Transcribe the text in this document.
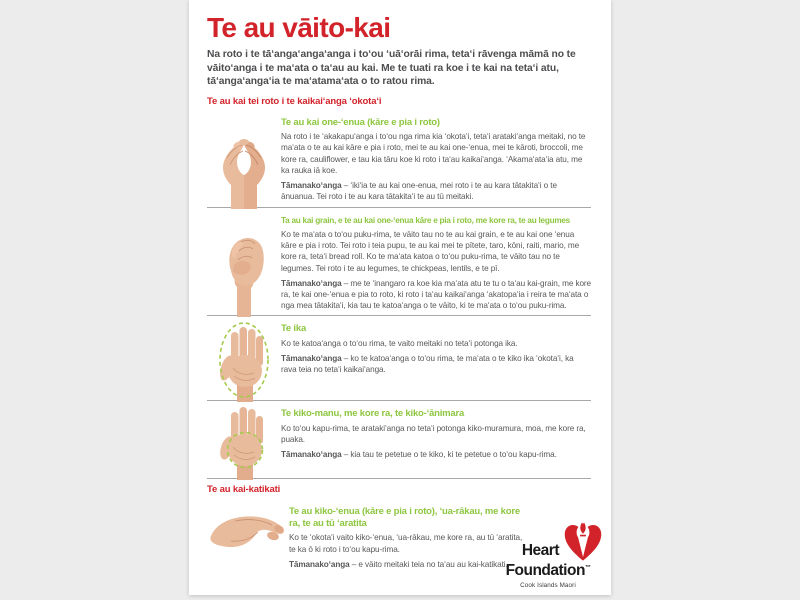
Te au vāito-kai

Na roto i te tā‘anga‘anga‘anga i to‘ou ‘uā‘orāi rima, teta‘i rāvenga māmā no te vāito‘anga i te ma‘ata o ta‘au au kai. Me te tuati ra koe i te kai na teta‘i atu, tā‘anga‘anga‘ia te ma‘atama‘ata o to ratou rima.

Te au kai tei roto i te kaikai‘anga ‘okota‘i
Te au kai one-‘enua (kāre e pia i roto)

Na roto i te ‘akakapu‘anga i to‘ou nga rima kia ‘okota‘i, teta‘i arataki‘anga meitaki, no te ma‘ata o te au kai kāre e pia i roto, mei te au kai one-‘enua, mei te kāroti, broccoli, me kore ra, cauliflower, e tau kia tāru koe ki roto i ta‘au kaikai‘anga. ‘Akama‘ata‘ia atu, me ka rauka iā koe.

Tāmanako‘anga – ‘iki‘ia te au kai one-enua, mei roto i te au kara tātakita‘i o te ānuanua. Tei roto i te au kara tātakita‘i te au tū meitaki.

Ta au kai grain, e te au kai one-‘enua kāre e pia i roto, me kore ra, te au legumes

Ko te ma‘ata o to‘ou puku-rima, te vāito tau no te au kai grain, e te au kai one ‘enua kāre e pia i roto. Tei roto i teia pupu, te au kai mei te pītete, taro, kōni, raiti, mario, me kore ra, teta‘i bread roll. Ko te ma‘ata katoa o to‘ou puku-rima, te vāito tau no te legumes. Tei roto i te au legumes, te chickpeas, lentils, e te pī.

Tāmanako‘anga – me te ‘inangaro ra koe kia ma‘ata atu te tu o ta‘au kai-grain, me kore ra, te kai one-‘enua e pia to roto, ki roto i ta‘au kaikai‘anga ‘akatopa‘ia i reira te ma‘ata o nga mea tātakita‘i, kia tau te katoa‘anga o te vāito, ki te ma‘ata o to‘ou puku-rima.

Te ika

Ko te katoa‘anga o to‘ou rima, te vaito meitaki no teta‘i potonga ika.

Tāmanako‘anga – ko te katoa‘anga o to‘ou rima, te ma‘ata o te kiko ika ‘okota‘i, ka rava teia no teta‘i kaikai‘anga.

Te kiko-manu, me kore ra, te kiko-‘ānimara

Ko to‘ou kapu-rima, te arataki‘anga no teta‘i potonga kiko-muramura, moa, me kore ra, puaka.

Tāmanako‘anga – kia tau te petetue o te kiko, ki te petetue o to‘ou kapu-rima.

Te au kai-katikati
Te au kiko-‘enua (kāre e pia i roto), ‘ua-rākau, me kore ra, te au tū ‘aratita

Ko te ‘okota‘i vaito kiko-‘enua, ‘ua-rākau, me kore ra, au tū ‘aratita, te ka ō ki roto i to‘ou kapu-rima.

Tāmanako‘anga – e vāito meitaki teia no ta‘au au kai-katikati.

Heart
Foundation™
Cook Islands Maori
